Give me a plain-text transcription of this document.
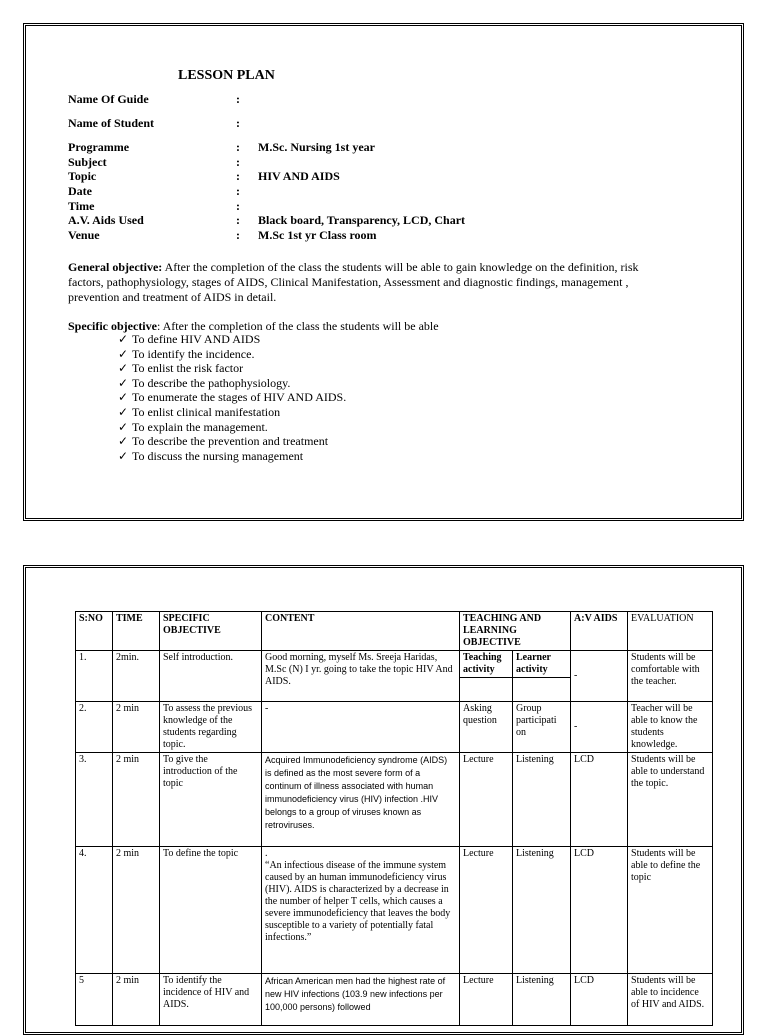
LESSON PLAN
Name Of Guide	:
Name of Student	:
Programme	: M.Sc. Nursing 1st year
Subject	:
Topic	: HIV AND AIDS
Date	:
Time	:
A.V. Aids Used	: Black board, Transparency, LCD, Chart
Venue	: M.Sc 1st yr Class room
General objective: After the completion of the class the students will be able to gain knowledge on the definition, risk factors, pathophysiology, stages of AIDS, Clinical Manifestation, Assessment and diagnostic findings, management , prevention and treatment of AIDS in detail.
Specific objective: After the completion of the class the students will be able
✓ To define HIV AND AIDS
✓ To identify the incidence.
✓ To enlist the risk factor
✓ To describe the pathophysiology.
✓ To enumerate the stages of HIV AND AIDS.
✓ To enlist clinical manifestation
✓ To explain the management.
✓ To describe the prevention and treatment
✓ To discuss the nursing management
S:NO	TIME	SPECIFIC OBJECTIVE	CONTENT	TEACHING AND LEARNING OBJECTIVE		A:V AIDS	EVALUATION
1.	2min.	Self introduction.	Good morning, myself Ms. Sreeja Haridas, M.Sc (N) I yr. going to take the topic HIV And AIDS.	Teaching activity	Learner activity	-	Students will be comfortable with the teacher.

2.	2 min	To assess the previous knowledge of the students regarding topic.	-	Asking question	Group participati on	-	Teacher will be able to know the students knowledge.
3.	2 min	To give the introduction of the topic	Acquired Immunodeficiency syndrome (AIDS) is defined as the most severe form of a continum of illness associated with human immunodeficiency virus (HIV) infection .HIV belongs to a group of viruses known as retroviruses.	Lecture	Listening	LCD	Students will be able to understand the topic.
4.	2 min	To define the topic	.
“An infectious disease of the immune system caused by an human immunodeficiency virus (HIV). AIDS is characterized by a decrease in the number of helper T cells, which causes a severe immunodeficiency that leaves the body susceptible to a variety of potentially fatal infections.”	Lecture	Listening	LCD	Students will be able to define the topic
5	2 min	To identify the incidence of HIV and AIDS.	African American men had the highest rate of new HIV infections (103.9 new infections per 100,000 persons) followed	Lecture	Listening	LCD	Students will be able to incidence of HIV and AIDS.
